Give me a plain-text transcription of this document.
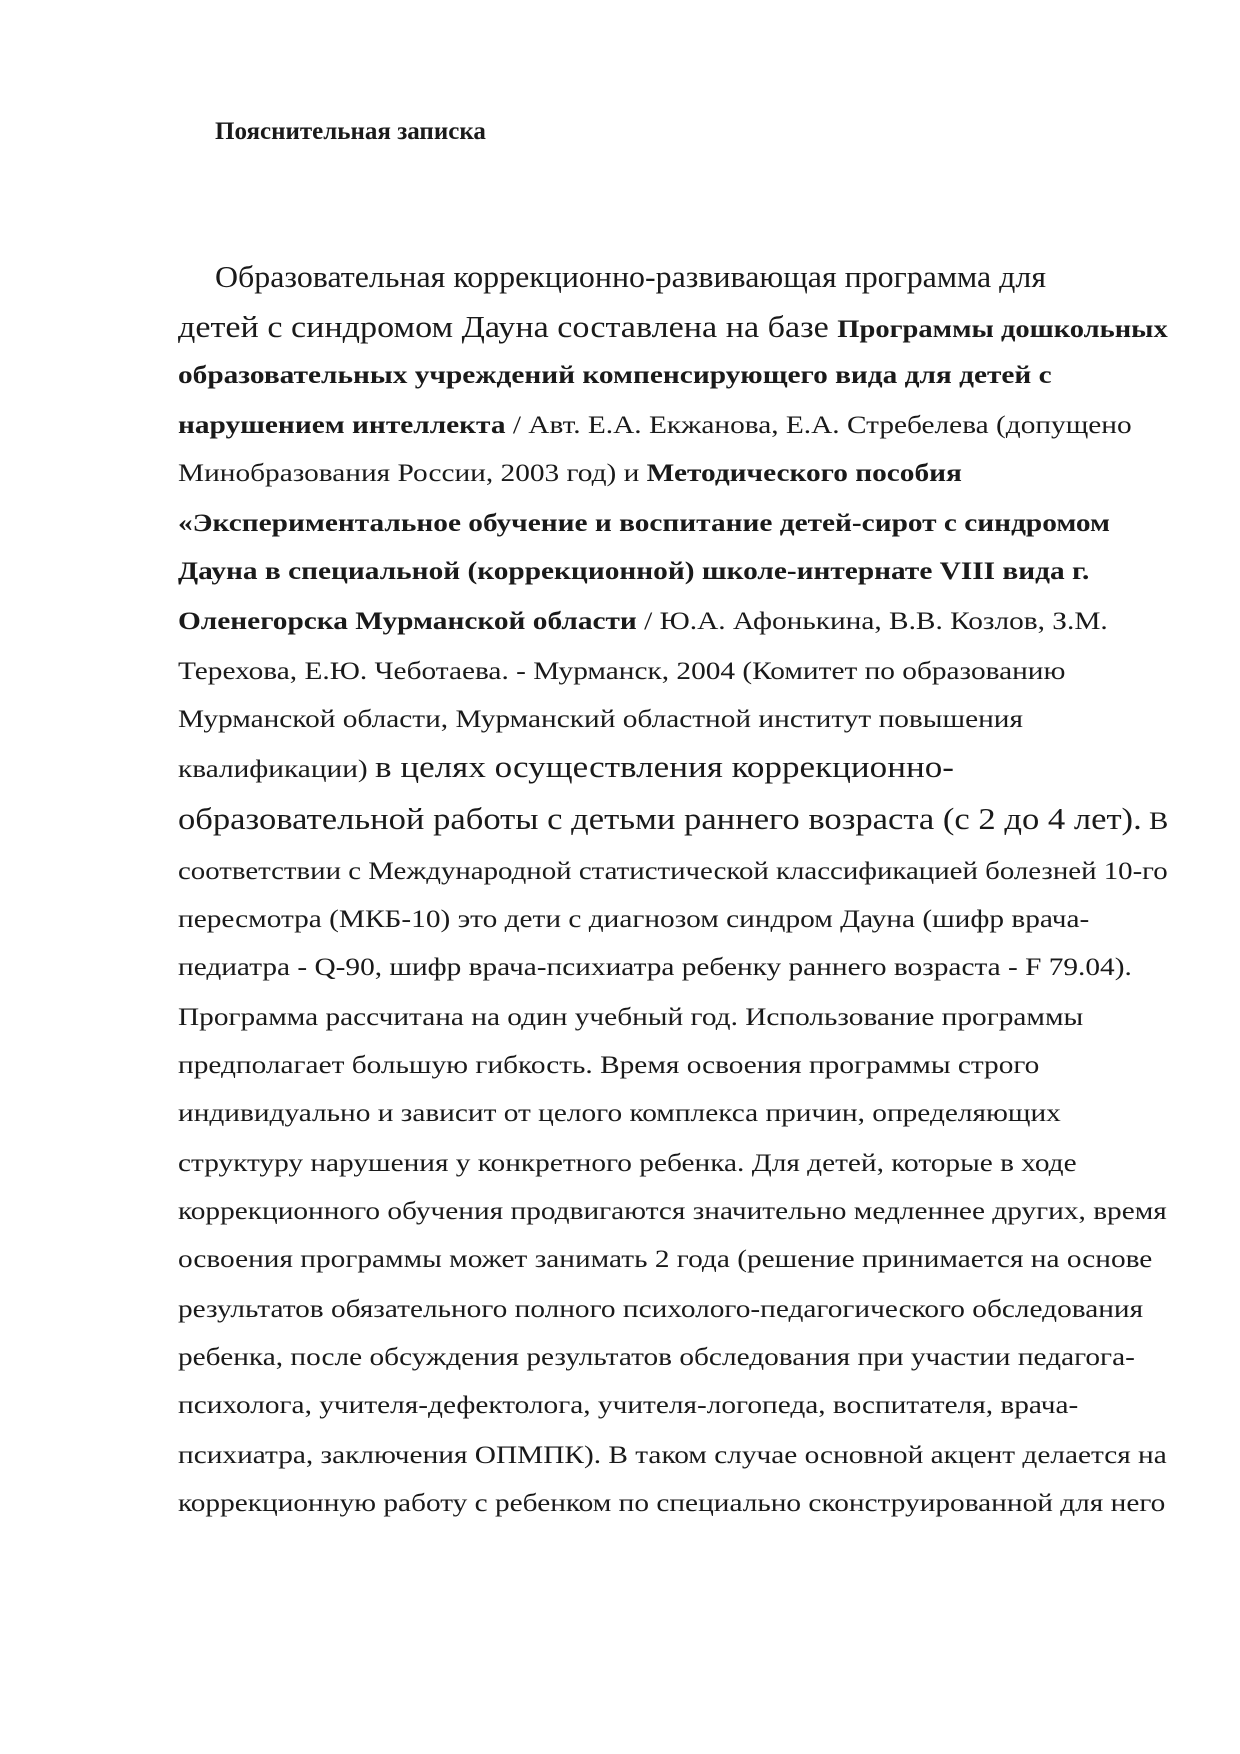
Пояснительная записка
Образовательная коррекционно-развивающая программа для
детей с синдромом Дауна составлена на базе Программы дошкольных
образовательных учреждений компенсирующего вида для детей с
нарушением интеллекта / Авт. Е.А. Екжанова, Е.А. Стребелева (допущено
Минобразования России, 2003 год) и Методического пособия
«Экспериментальное обучение и воспитание детей-сирот с синдромом
Дауна в специальной (коррекционной) школе-интернате VIII вида г.
Оленегорска Мурманской области / Ю.А. Афонькина, В.В. Козлов, З.М.
Терехова, Е.Ю. Чеботаева. - Мурманск, 2004 (Комитет по образованию
Мурманской области, Мурманский областной институт повышения
квалификации) в целях осуществления коррекционно-
образовательной работы с детьми раннего возраста (с 2 до 4 лет). В
соответствии с Международной статистической классификацией болезней 10-го
пересмотра (МКБ-10) это дети с диагнозом синдром Дауна (шифр врача-
педиатра - Q-90, шифр врача-психиатра ребенку раннего возраста - F 79.04).
Программа рассчитана на один учебный год. Использование программы
предполагает большую гибкость. Время освоения программы строго
индивидуально и зависит от целого комплекса причин, определяющих
структуру нарушения у конкретного ребенка. Для детей, которые в ходе
коррекционного обучения продвигаются значительно медленнее других, время
освоения программы может занимать 2 года (решение принимается на основе
результатов обязательного полного психолого-педагогического обследования
ребенка, после обсуждения результатов обследования при участии педагога-
психолога, учителя-дефектолога, учителя-логопеда, воспитателя, врача-
психиатра, заключения ОПМПК). В таком случае основной акцент делается на
коррекционную работу с ребенком по специально сконструированной для него
